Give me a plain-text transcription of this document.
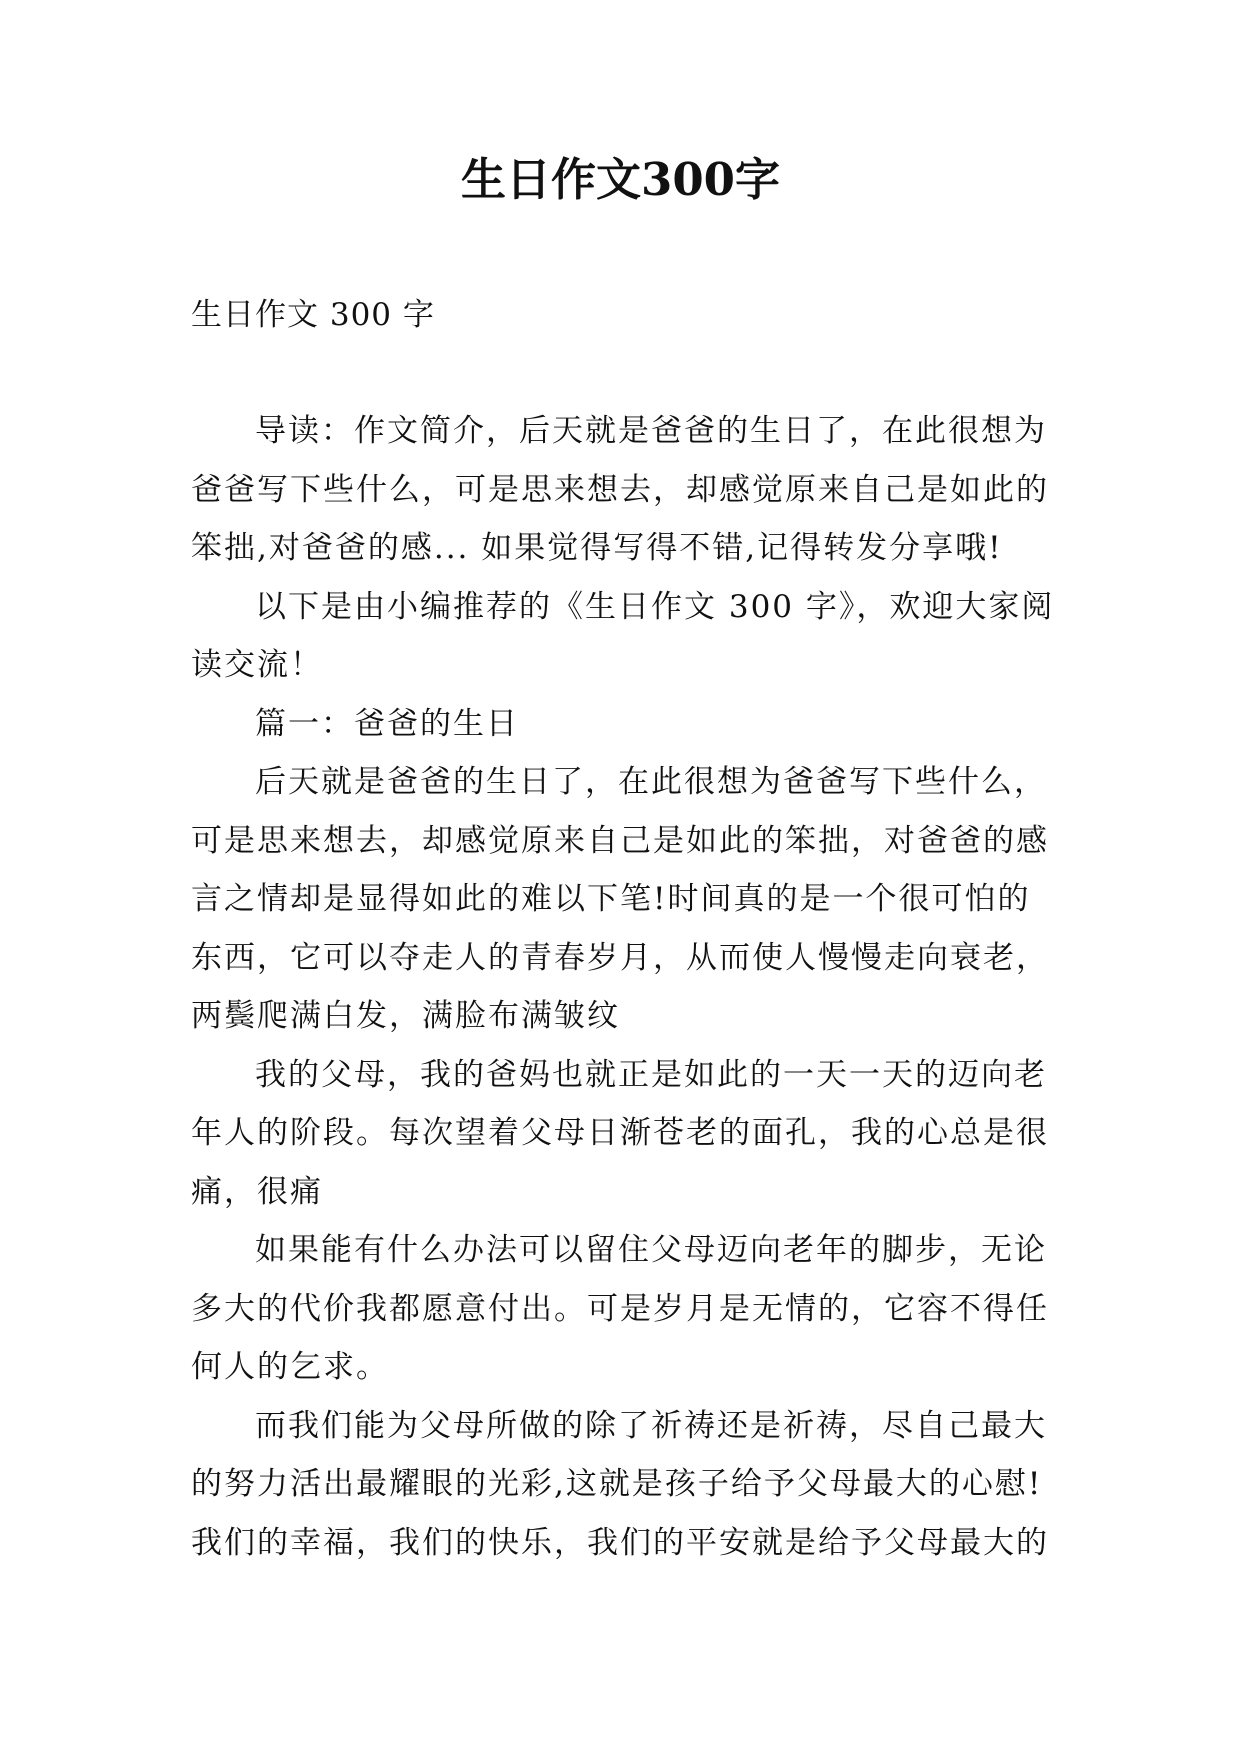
生日作文300字
生日作文 300 字
导读：作文简介，后天就是爸爸的生日了，在此很想为
爸爸写下些什么，可是思来想去，却感觉原来自己是如此的
笨拙,对爸爸的感... 如果觉得写得不错,记得转发分享哦!
以下是由小编推荐的《生日作文 300 字》，欢迎大家阅
读交流！
篇一：爸爸的生日
后天就是爸爸的生日了，在此很想为爸爸写下些什么，
可是思来想去，却感觉原来自己是如此的笨拙，对爸爸的感
言之情却是显得如此的难以下笔!时间真的是一个很可怕的
东西，它可以夺走人的青春岁月，从而使人慢慢走向衰老，
两鬓爬满白发，满脸布满皱纹
我的父母，我的爸妈也就正是如此的一天一天的迈向老
年人的阶段。每次望着父母日渐苍老的面孔，我的心总是很
痛，很痛
如果能有什么办法可以留住父母迈向老年的脚步，无论
多大的代价我都愿意付出。可是岁月是无情的，它容不得任
何人的乞求。
而我们能为父母所做的除了祈祷还是祈祷，尽自己最大
的努力活出最耀眼的光彩,这就是孩子给予父母最大的心慰!
我们的幸福，我们的快乐，我们的平安就是给予父母最大的
